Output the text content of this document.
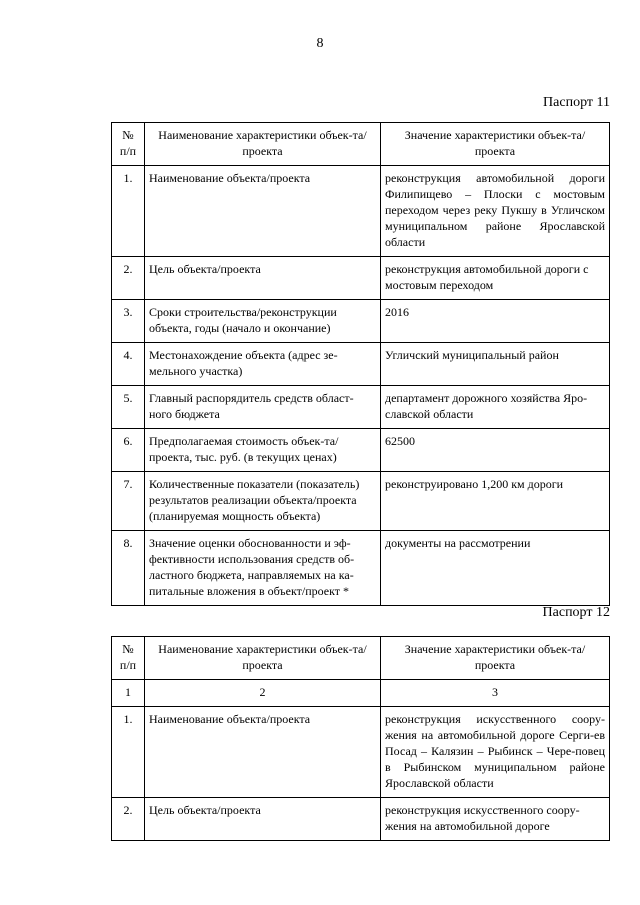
8
Паспорт 11
№ п/п	Наименование характеристики объек-та/проекта	Значение характеристики объек-та/проекта
1.	Наименование объекта/проекта	реконструкция автомобильной дороги Филипищево – Плоски с мостовым переходом через реку Пукшу в Угличском муниципальном районе Ярославской области
2.	Цель объекта/проекта	реконструкция автомобильной дороги с мостовым переходом
3.	Сроки строительства/реконструкции объекта, годы (начало и окончание)	2016
4.	Местонахождение объекта (адрес зе-мельного участка)	Угличский муниципальный район
5.	Главный распорядитель средств област-ного бюджета	департамент дорожного хозяйства Яро-славской области
6.	Предполагаемая стоимость объек-та/проекта, тыс. руб. (в текущих ценах)	62500
7.	Количественные показатели (показатель) результатов реализации объекта/проекта (планируемая мощность объекта)	реконструировано 1,200 км дороги
8.	Значение оценки обоснованности и эф-фективности использования средств об-ластного бюджета, направляемых на ка-питальные вложения в объект/проект *	документы на рассмотрении
Паспорт 12
№ п/п	Наименование характеристики объек-та/проекта	Значение характеристики объек-та/проекта
1	2	3
1.	Наименование объекта/проекта	реконструкция искусственного соору-жения на автомобильной дороге Серги-ев Посад – Калязин – Рыбинск – Чере-повец в Рыбинском муниципальном районе Ярославской области
2.	Цель объекта/проекта	реконструкция искусственного соору-жения на автомобильной дороге
